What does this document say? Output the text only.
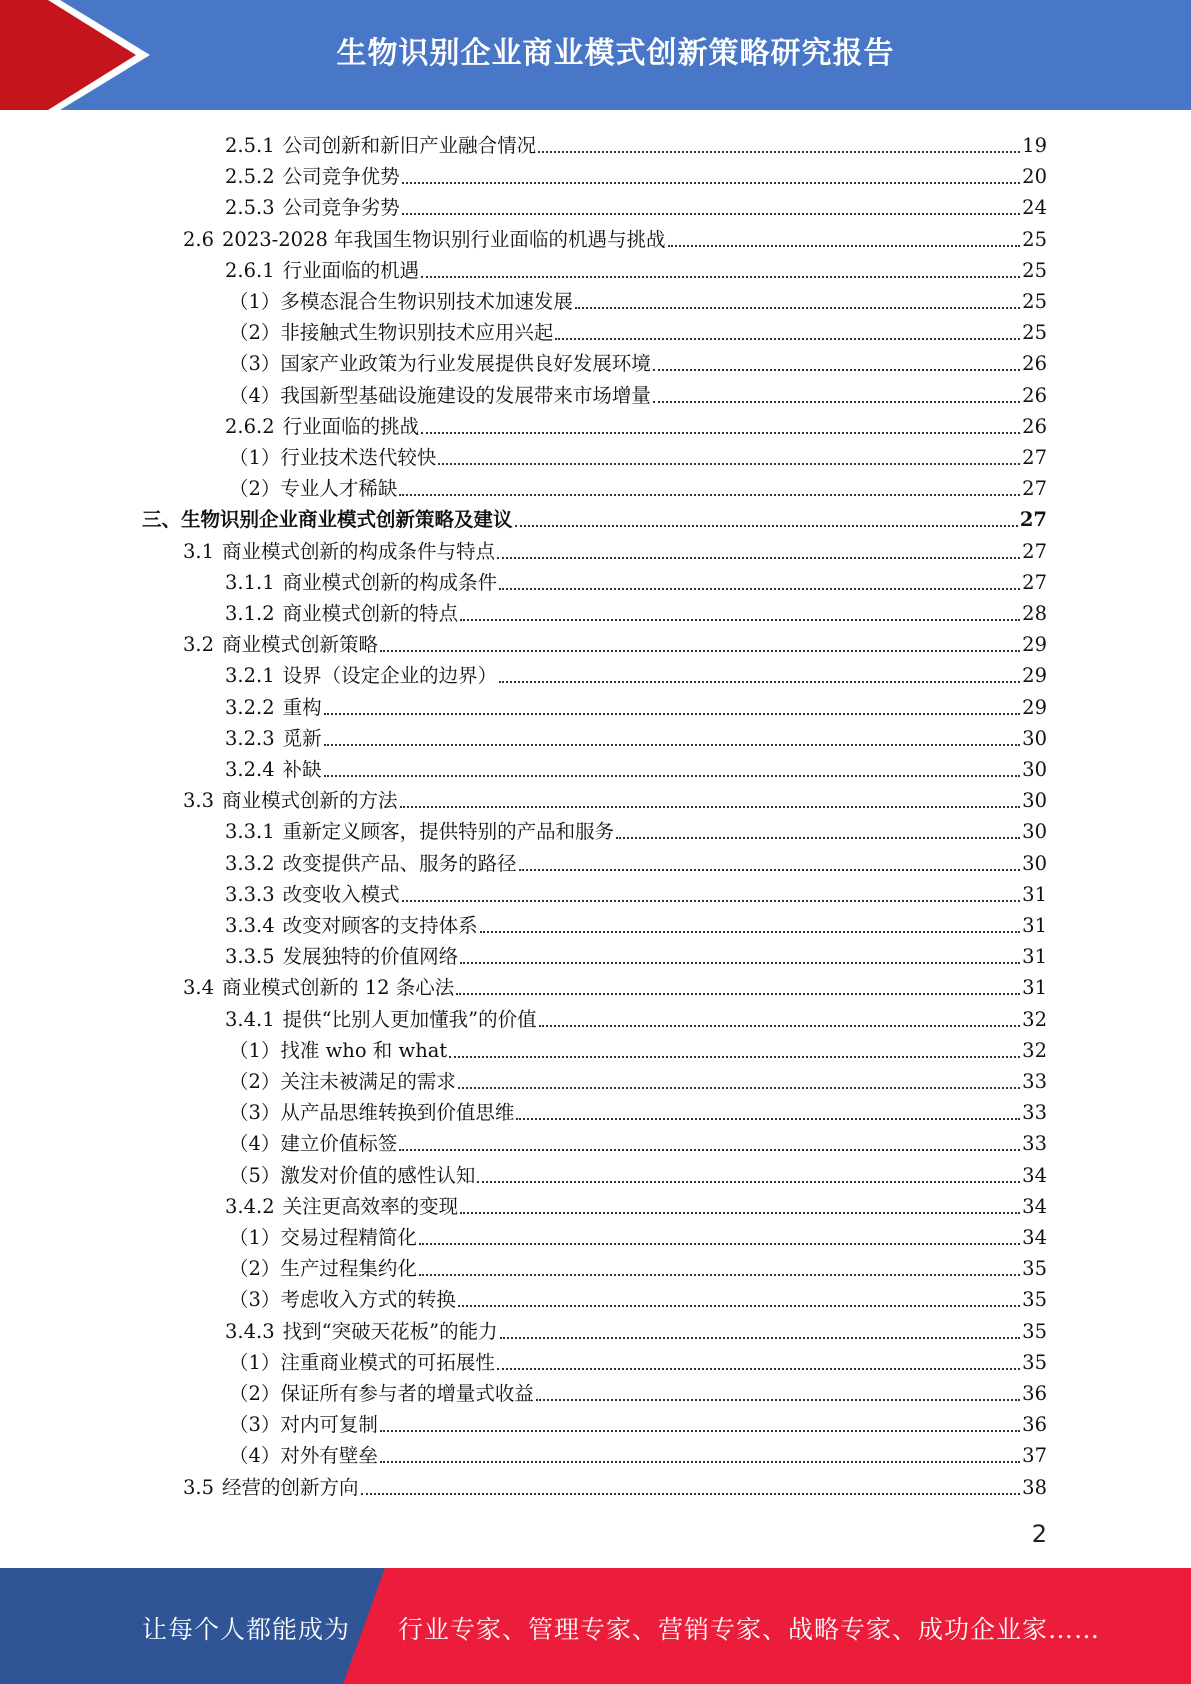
生物识别企业商业模式创新策略研究报告
2.5.1 公司创新和新旧产业融合情况	19
2.5.2 公司竞争优势	20
2.5.3 公司竞争劣势	24
2.6 2023-2028 年我国生物识别行业面临的机遇与挑战	25
2.6.1 行业面临的机遇	25
（1） 多模态混合生物识别技术加速发展	25
（2） 非接触式生物识别技术应用兴起	25
（3） 国家产业政策为行业发展提供良好发展环境	26
（4） 我国新型基础设施建设的发展带来市场增量	26
2.6.2 行业面临的挑战	26
（1） 行业技术迭代较快	27
（2） 专业人才稀缺	27
三、 生物识别企业商业模式创新策略及建议	27
3.1 商业模式创新的构成条件与特点	27
3.1.1 商业模式创新的构成条件	27
3.1.2 商业模式创新的特点	28
3.2 商业模式创新策略	29
3.2.1 设界（设定企业的边界）	29
3.2.2 重构	29
3.2.3 觅新	30
3.2.4 补缺	30
3.3 商业模式创新的方法	30
3.3.1 重新定义顾客，提供特别的产品和服务	30
3.3.2 改变提供产品、服务的路径	30
3.3.3 改变收入模式	31
3.3.4 改变对顾客的支持体系	31
3.3.5 发展独特的价值网络	31
3.4 商业模式创新的 12 条心法	31
3.4.1 提供“比别人更加懂我”的价值	32
（1） 找准 who 和 what	32
（2） 关注未被满足的需求	33
（3） 从产品思维转换到价值思维	33
（4） 建立价值标签	33
（5） 激发对价值的感性认知	34
3.4.2 关注更高效率的变现	34
（1） 交易过程精简化	34
（2） 生产过程集约化	35
（3） 考虑收入方式的转换	35
3.4.3 找到“突破天花板”的能力	35
（1） 注重商业模式的可拓展性	35
（2） 保证所有参与者的增量式收益	36
（3） 对内可复制	36
（4） 对外有壁垒	37
3.5 经营的创新方向	38
2
让每个人都能成为 行业专家、管理专家、营销专家、战略专家、成功企业家……
